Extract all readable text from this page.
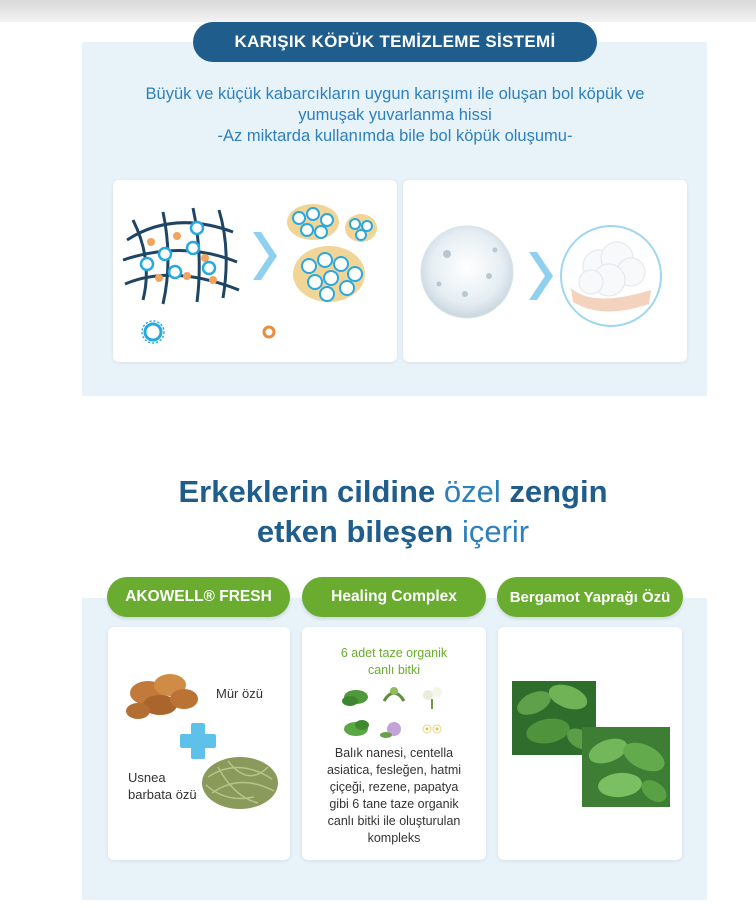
KARIŞIK KÖPÜK TEMİZLEME SİSTEMİ
Büyük ve küçük kabarcıkların uygun karışımı ile oluşan bol köpük ve
yumuşak yuvarlanma hissi
-Az miktarda kullanımda bile bol köpük oluşumu-
Erkeklerin cildine özel zengin
etken bileşen içerir
AKOWELL® FRESH	Healing Complex	Bergamot Yaprağı Özü
Mür özü
Usnea
barbata özü
6 adet taze organik
canlı bitki
Balık nanesi, centella
asiatica, fesleğen, hatmi
çiçeği, rezene, papatya
gibi 6 tane taze organik
canlı bitki ile oluşturulan
kompleks
